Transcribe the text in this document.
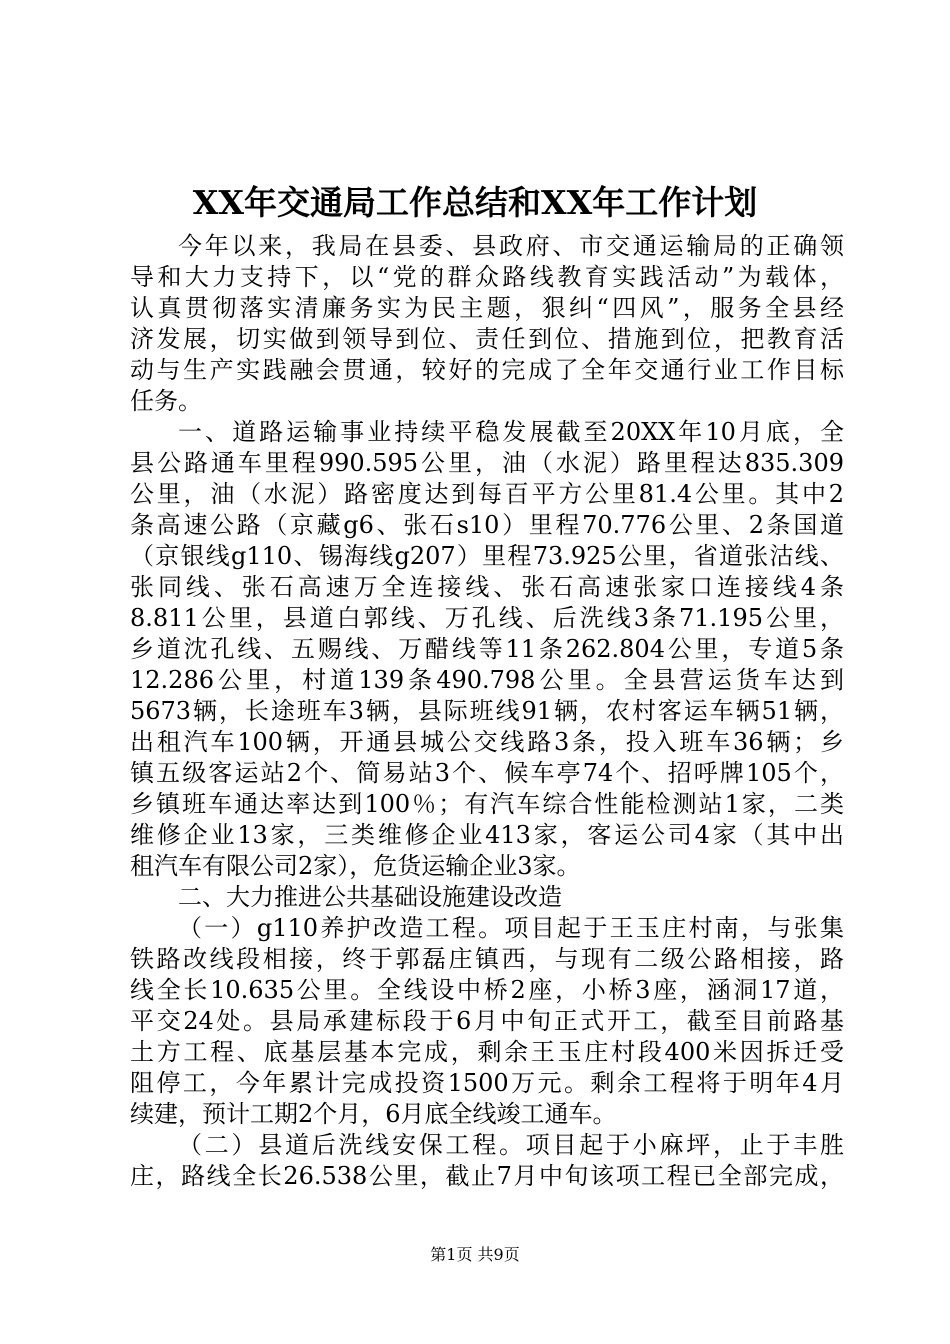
XX年交通局工作总结和XX年工作计划
今年以来，我局在县委、县政府、市交通运输局的正确领
导和大力支持下，以“党的群众路线教育实践活动”为载体，
认真贯彻落实清廉务实为民主题，狠纠“四风”，服务全县经
济发展，切实做到领导到位、责任到位、措施到位，把教育活
动与生产实践融会贯通，较好的完成了全年交通行业工作目标
任务。
一、道路运输事业持续平稳发展截至20XX年10月底，全
县公路通车里程990.595公里，油（水泥）路里程达835.309
公里，油（水泥）路密度达到每百平方公里81.4公里。其中2
条高速公路（京藏g6、张石s10）里程70.776公里、2条国道
（京银线g110、锡海线g207）里程73.925公里，省道张沽线、
张同线、张石高速万全连接线、张石高速张家口连接线4条
8.811公里，县道白郭线、万孔线、后洗线3条71.195公里，
乡道沈孔线、五赐线、万醋线等11条262.804公里，专道5条
12.286公里，村道139条490.798公里。全县营运货车达到
5673辆，长途班车3辆，县际班线91辆，农村客运车辆51辆，
出租汽车100辆，开通县城公交线路3条，投入班车36辆；乡
镇五级客运站2个、简易站3个、候车亭74个、招呼牌105个，
乡镇班车通达率达到100％；有汽车综合性能检测站1家，二类
维修企业13家，三类维修企业413家，客运公司4家（其中出
租汽车有限公司2家），危货运输企业3家。
二、大力推进公共基础设施建设改造
（一）g110养护改造工程。项目起于王玉庄村南，与张集
铁路改线段相接，终于郭磊庄镇西，与现有二级公路相接，路
线全长10.635公里。全线设中桥2座，小桥3座，涵洞17道，
平交24处。县局承建标段于6月中旬正式开工，截至目前路基
土方工程、底基层基本完成，剩余王玉庄村段400米因拆迁受
阻停工，今年累计完成投资1500万元。剩余工程将于明年4月
续建，预计工期2个月，6月底全线竣工通车。
（二）县道后洗线安保工程。项目起于小麻坪，止于丰胜
庄，路线全长26.538公里，截止7月中旬该项工程已全部完成，
第1页 共9页
